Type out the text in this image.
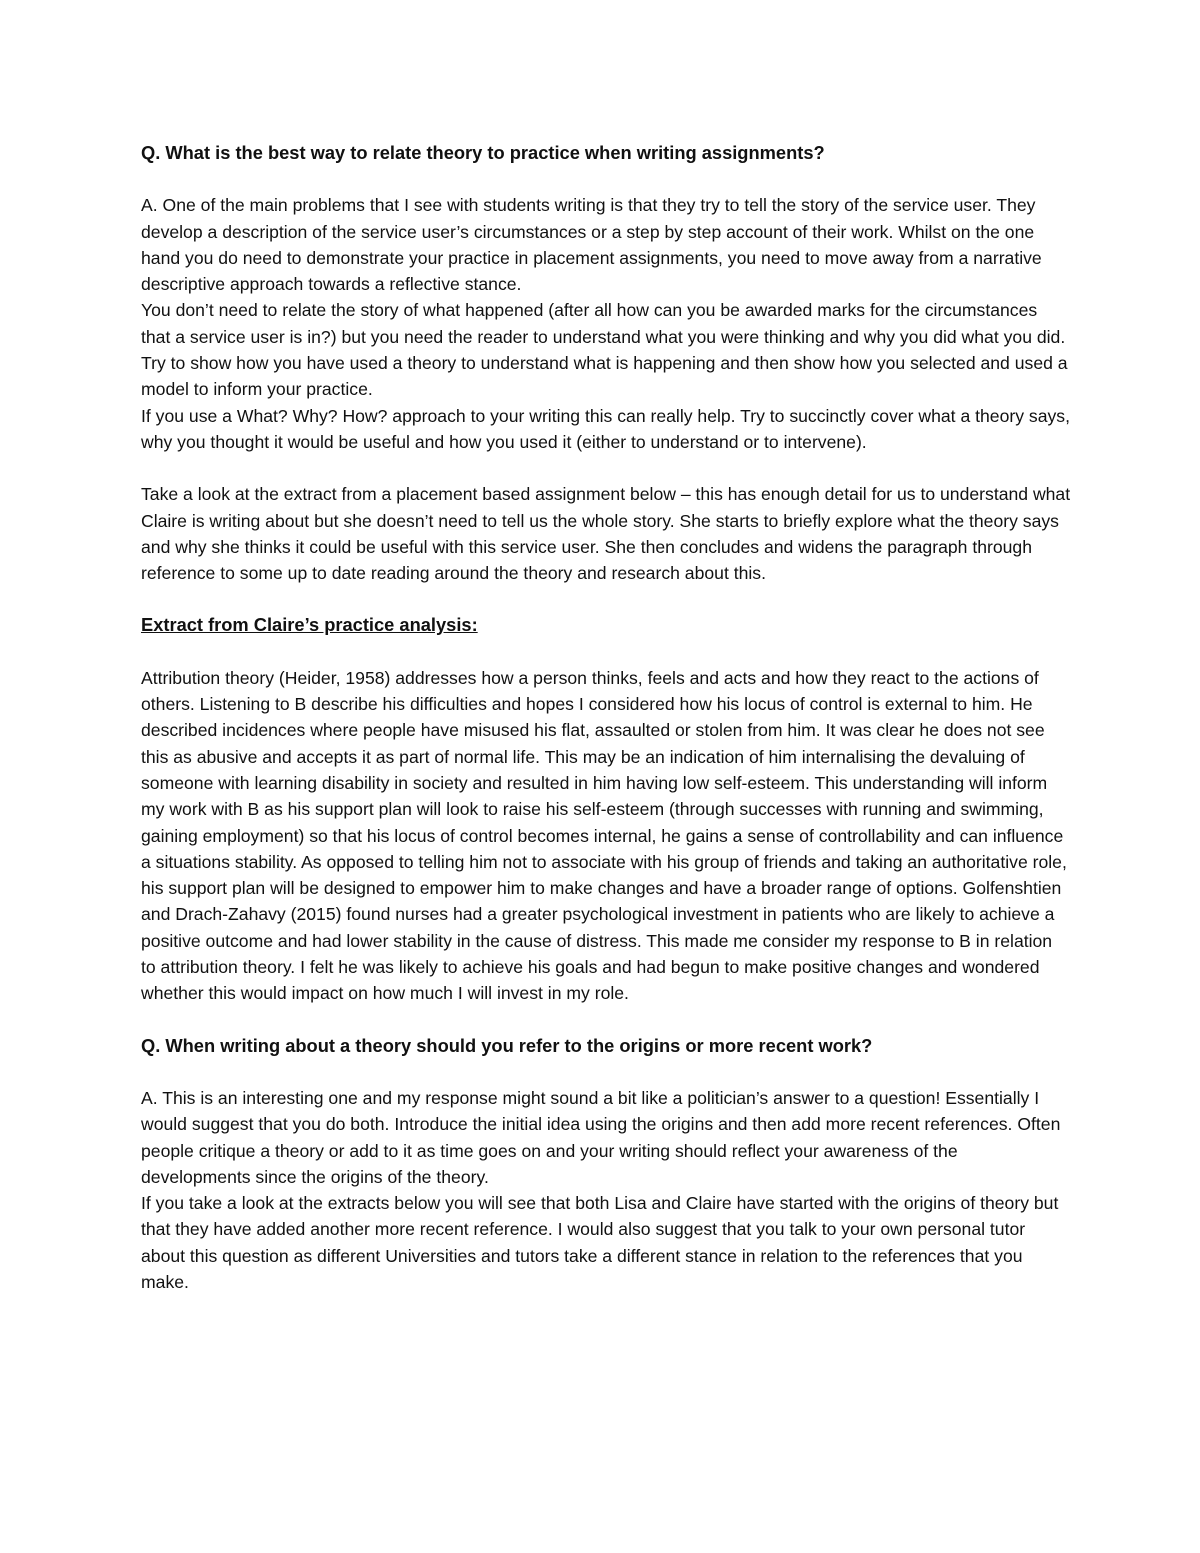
Q. What is the best way to relate theory to practice when writing assignments?

A. One of the main problems that I see with students writing is that they try to tell the story of the service user. They develop a description of the service user’s circumstances or a step by step account of their work. Whilst on the one hand you do need to demonstrate your practice in placement assignments, you need to move away from a narrative descriptive approach towards a reflective stance.

You don’t need to relate the story of what happened (after all how can you be awarded marks for the circumstances that a service user is in?) but you need the reader to understand what you were thinking and why you did what you did. Try to show how you have used a theory to understand what is happening and then show how you selected and used a model to inform your practice.

If you use a What? Why? How? approach to your writing this can really help. Try to succinctly cover what a theory says, why you thought it would be useful and how you used it (either to understand or to intervene).

Take a look at the extract from a placement based assignment below – this has enough detail for us to understand what Claire is writing about but she doesn’t need to tell us the whole story. She starts to briefly explore what the theory says and why she thinks it could be useful with this service user. She then concludes and widens the paragraph through reference to some up to date reading around the theory and research about this.

Extract from Claire’s practice analysis:

Attribution theory (Heider, 1958) addresses how a person thinks, feels and acts and how they react to the actions of others. Listening to B describe his difficulties and hopes I considered how his locus of control is external to him. He described incidences where people have misused his flat, assaulted or stolen from him. It was clear he does not see this as abusive and accepts it as part of normal life. This may be an indication of him internalising the devaluing of someone with learning disability in society and resulted in him having low self-esteem. This understanding will inform my work with B as his support plan will look to raise his self-esteem (through successes with running and swimming, gaining employment) so that his locus of control becomes internal, he gains a sense of controllability and can influence a situations stability. As opposed to telling him not to associate with his group of friends and taking an authoritative role, his support plan will be designed to empower him to make changes and have a broader range of options. Golfenshtien and Drach-Zahavy (2015) found nurses had a greater psychological investment in patients who are likely to achieve a positive outcome and had lower stability in the cause of distress. This made me consider my response to B in relation to attribution theory. I felt he was likely to achieve his goals and had begun to make positive changes and wondered whether this would impact on how much I will invest in my role.

Q. When writing about a theory should you refer to the origins or more recent work?

A. This is an interesting one and my response might sound a bit like a politician’s answer to a question! Essentially I would suggest that you do both. Introduce the initial idea using the origins and then add more recent references. Often people critique a theory or add to it as time goes on and your writing should reflect your awareness of the developments since the origins of the theory.

If you take a look at the extracts below you will see that both Lisa and Claire have started with the origins of theory but that they have added another more recent reference. I would also suggest that you talk to your own personal tutor about this question as different Universities and tutors take a different stance in relation to the references that you make.
